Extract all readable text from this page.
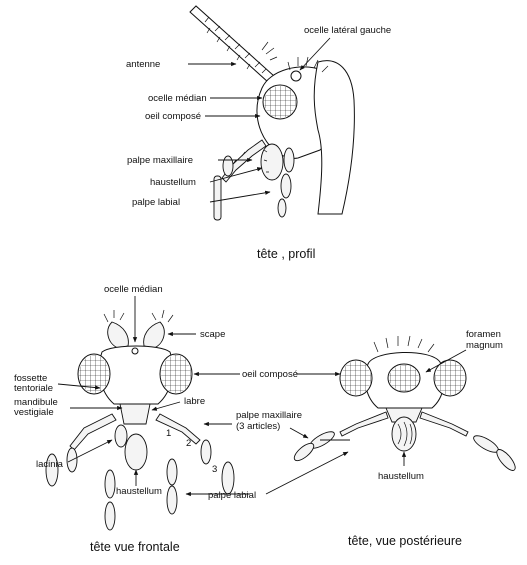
ocelle latéral gauche
antenne
ocelle médian
oeil composé
palpe maxillaire
haustellum
palpe labial
tête , profil
ocelle médian
scape
oeil composé
fossette
tentoriale
mandibule
vestigiale
labre
palpe maxillaire
(3 articles)
1
2
3
lacinia
haustellum	palpe labial
tête vue frontale
foramen
magnum
haustellum
tête, vue postérieure
